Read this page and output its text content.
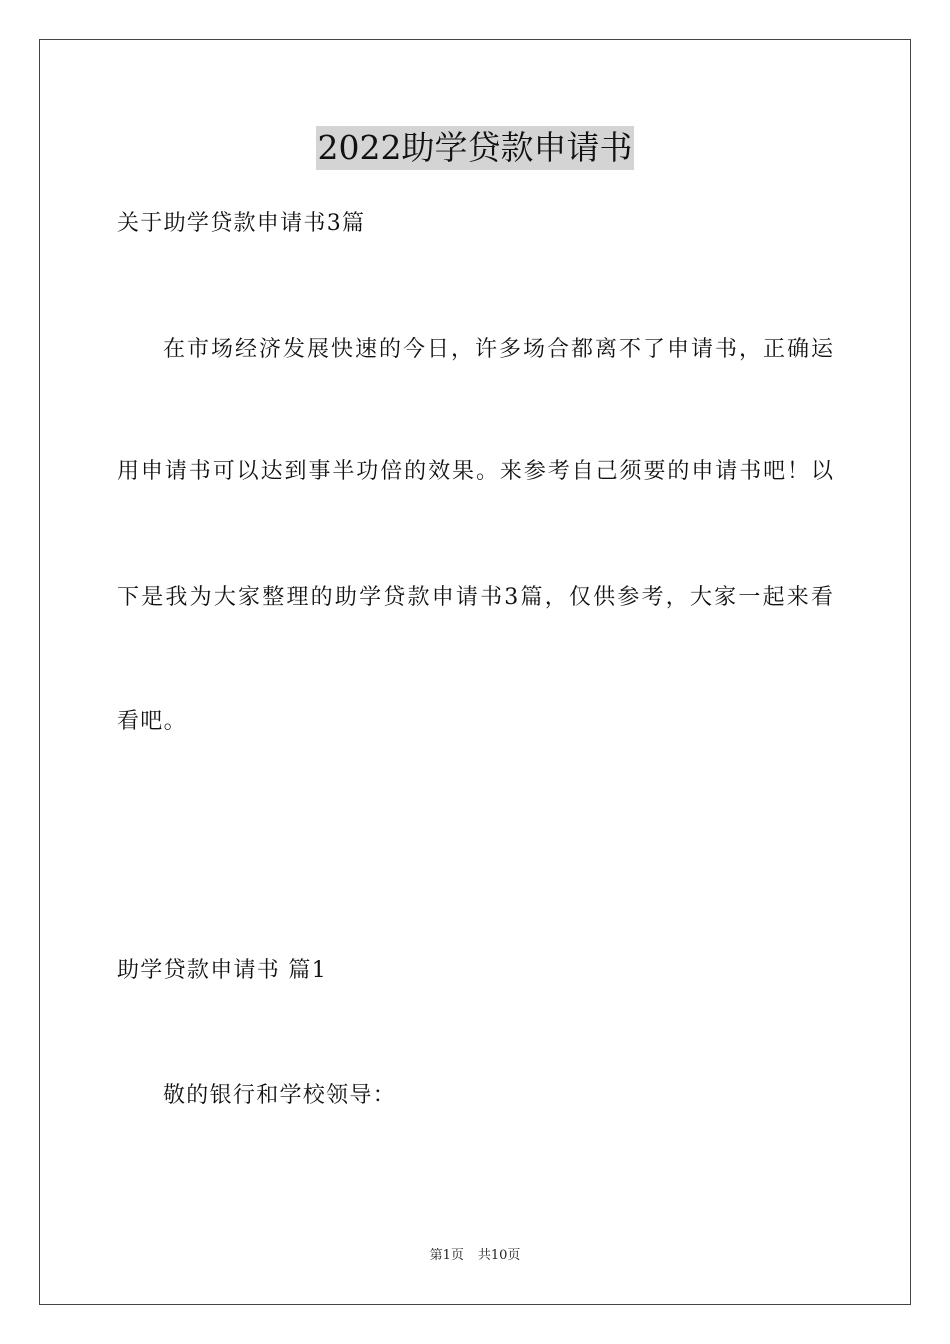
2022助学贷款申请书
关于助学贷款申请书3篇
在市场经济发展快速的今日，许多场合都离不了申请书，正确运
用申请书可以达到事半功倍的效果。来参考自己须要的申请书吧！以
下是我为大家整理的助学贷款申请书3篇，仅供参考，大家一起来看
看吧。
助学贷款申请书 篇1
敬的银行和学校领导：
第1页 共10页
